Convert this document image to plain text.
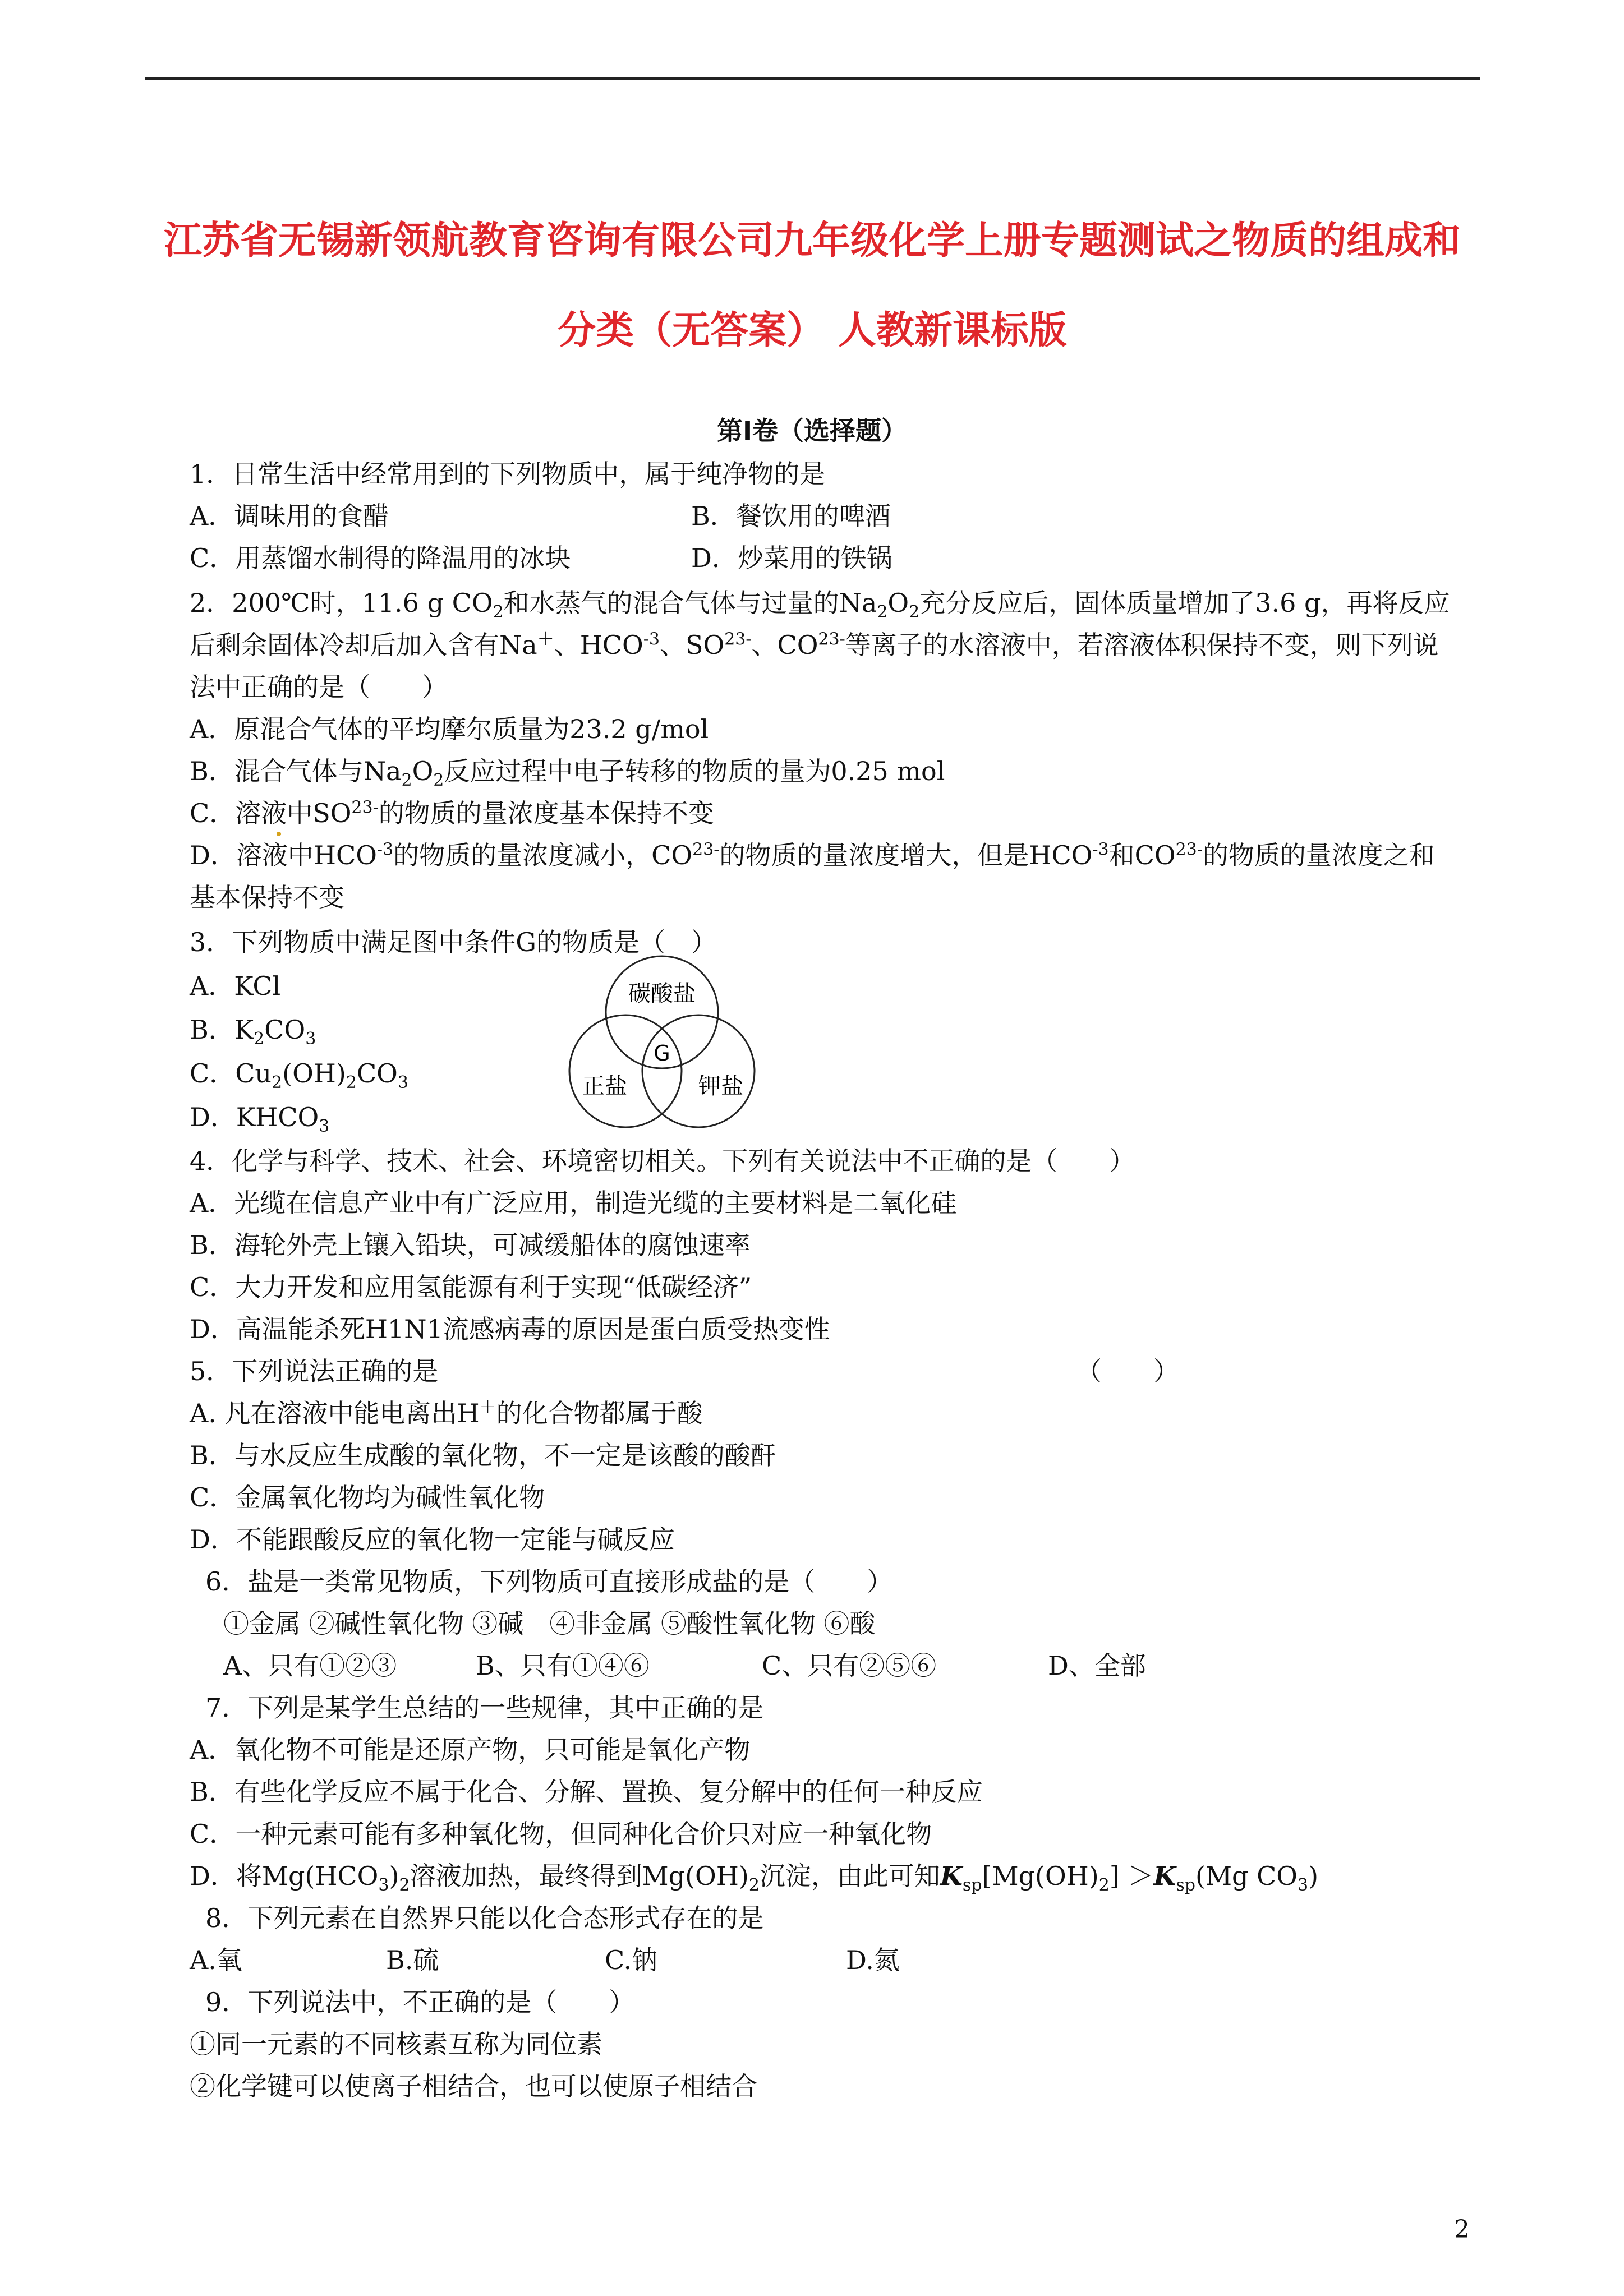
江苏省无锡新领航教育咨询有限公司九年级化学上册专题测试之物质的组成和
分类（无答案） 人教新课标版
第Ⅰ卷（选择题）
1．日常生活中经常用到的下列物质中，属于纯净物的是
A．调味用的食醋	B．餐饮用的啤酒
C．用蒸馏水制得的降温用的冰块	D．炒菜用的铁锅
2．200℃时，11.6 g $CO_2$和水蒸气的混合气体与过量的$Na_2O_2$充分反应后，固体质量增加了3.6 g，再将反应
后剩余固体冷却后加入含有Na＋、$HCO^{-3}$、$SO^{23-}$、$CO^{23-}$等离子的水溶液中，若溶液体积保持不变，则下列说
法中正确的是（　　）
A．原混合气体的平均摩尔质量为23.2 g/mol
B．混合气体与$Na_2O_2$反应过程中电子转移的物质的量为0.25 mol
C．溶液中$SO^{23-}$的物质的量浓度基本保持不变
D．溶液中$HCO^{-3}$的物质的量浓度减小，$CO^{23-}$的物质的量浓度增大，但是$HCO^{-3}$和$CO^{23-}$的物质的量浓度之和
基本保持不变
3．下列物质中满足图中条件G的物质是（　）
A．KCl
B．$K_2CO_3$
C．$Cu_2(OH)_2CO_3$
D．$KHCO_3$
碳酸盐
正盐	钾盐
G
4．化学与科学、技术、社会、环境密切相关。下列有关说法中不正确的是（　　）
A．光缆在信息产业中有广泛应用，制造光缆的主要材料是二氧化硅
B．海轮外壳上镶入铅块，可减缓船体的腐蚀速率
C．大力开发和应用氢能源有利于实现“低碳经济”
D．高温能杀死H1N1流感病毒的原因是蛋白质受热变性
5．下列说法正确的是	（　　）
A. 凡在溶液中能电离出H＋的化合物都属于酸
B．与水反应生成酸的氧化物，不一定是该酸的酸酐
C．金属氧化物均为碱性氧化物
D．不能跟酸反应的氧化物一定能与碱反应
6．盐是一类常见物质，下列物质可直接形成盐的是（　　）
①金属 ②碱性氧化物 ③碱　④非金属 ⑤酸性氧化物 ⑥酸
A、只有①②③	B、只有①④⑥	C、只有②⑤⑥	D、全部
7．下列是某学生总结的一些规律，其中正确的是
A．氧化物不可能是还原产物，只可能是氧化产物
B．有些化学反应不属于化合、分解、置换、复分解中的任何一种反应
C．一种元素可能有多种氧化物，但同种化合价只对应一种氧化物
D．将$Mg(HCO_3)_2$溶液加热，最终得到$Mg(OH)_2$沉淀，由此可知$K_{sp}[Mg(OH)_2] >K_{sp}(Mg$ $CO_3$)
8．下列元素在自然界只能以化合态形式存在的是
A.氧	B.硫	C.钠	D.氮
9．下列说法中，不正确的是（　　）
①同一元素的不同核素互称为同位素
②化学键可以使离子相结合，也可以使原子相结合
2
